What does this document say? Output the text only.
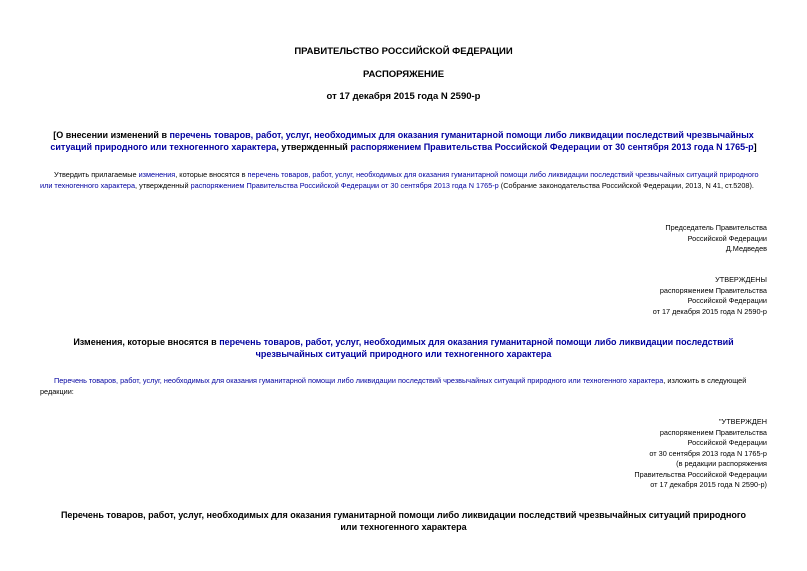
ПРАВИТЕЛЬСТВО РОССИЙСКОЙ ФЕДЕРАЦИИ
РАСПОРЯЖЕНИЕ
от 17 декабря 2015 года N 2590-р
[О внесении изменений в перечень товаров, работ, услуг, необходимых для оказания гуманитарной помощи либо ликвидации последствий чрезвычайных ситуаций природного или техногенного характера, утвержденный распоряжением Правительства Российской Федерации от 30 сентября 2013 года N 1765-р]
Утвердить прилагаемые изменения, которые вносятся в перечень товаров, работ, услуг, необходимых для оказания гуманитарной помощи либо ликвидации последствий чрезвычайных ситуаций природного или техногенного характера, утвержденный распоряжением Правительства Российской Федерации от 30 сентября 2013 года N 1765-р (Собрание законодательства Российской Федерации, 2013, N 41, ст.5208).
Председатель Правительства
Российской Федерации
Д.Медведев
УТВЕРЖДЕНЫ
распоряжением Правительства
Российской Федерации
от 17 декабря 2015 года N 2590-р
Изменения, которые вносятся в перечень товаров, работ, услуг, необходимых для оказания гуманитарной помощи либо ликвидации последствий чрезвычайных ситуаций природного или техногенного характера
Перечень товаров, работ, услуг, необходимых для оказания гуманитарной помощи либо ликвидации последствий чрезвычайных ситуаций природного или техногенного характера, изложить в следующей редакции:
"УТВЕРЖДЕН
распоряжением Правительства
Российской Федерации
от 30 сентября 2013 года N 1765-р
(в редакции распоряжения
Правительства Российской Федерации
от 17 декабря 2015 года N 2590-р)
Перечень товаров, работ, услуг, необходимых для оказания гуманитарной помощи либо ликвидации последствий чрезвычайных ситуаций природного или техногенного характера
